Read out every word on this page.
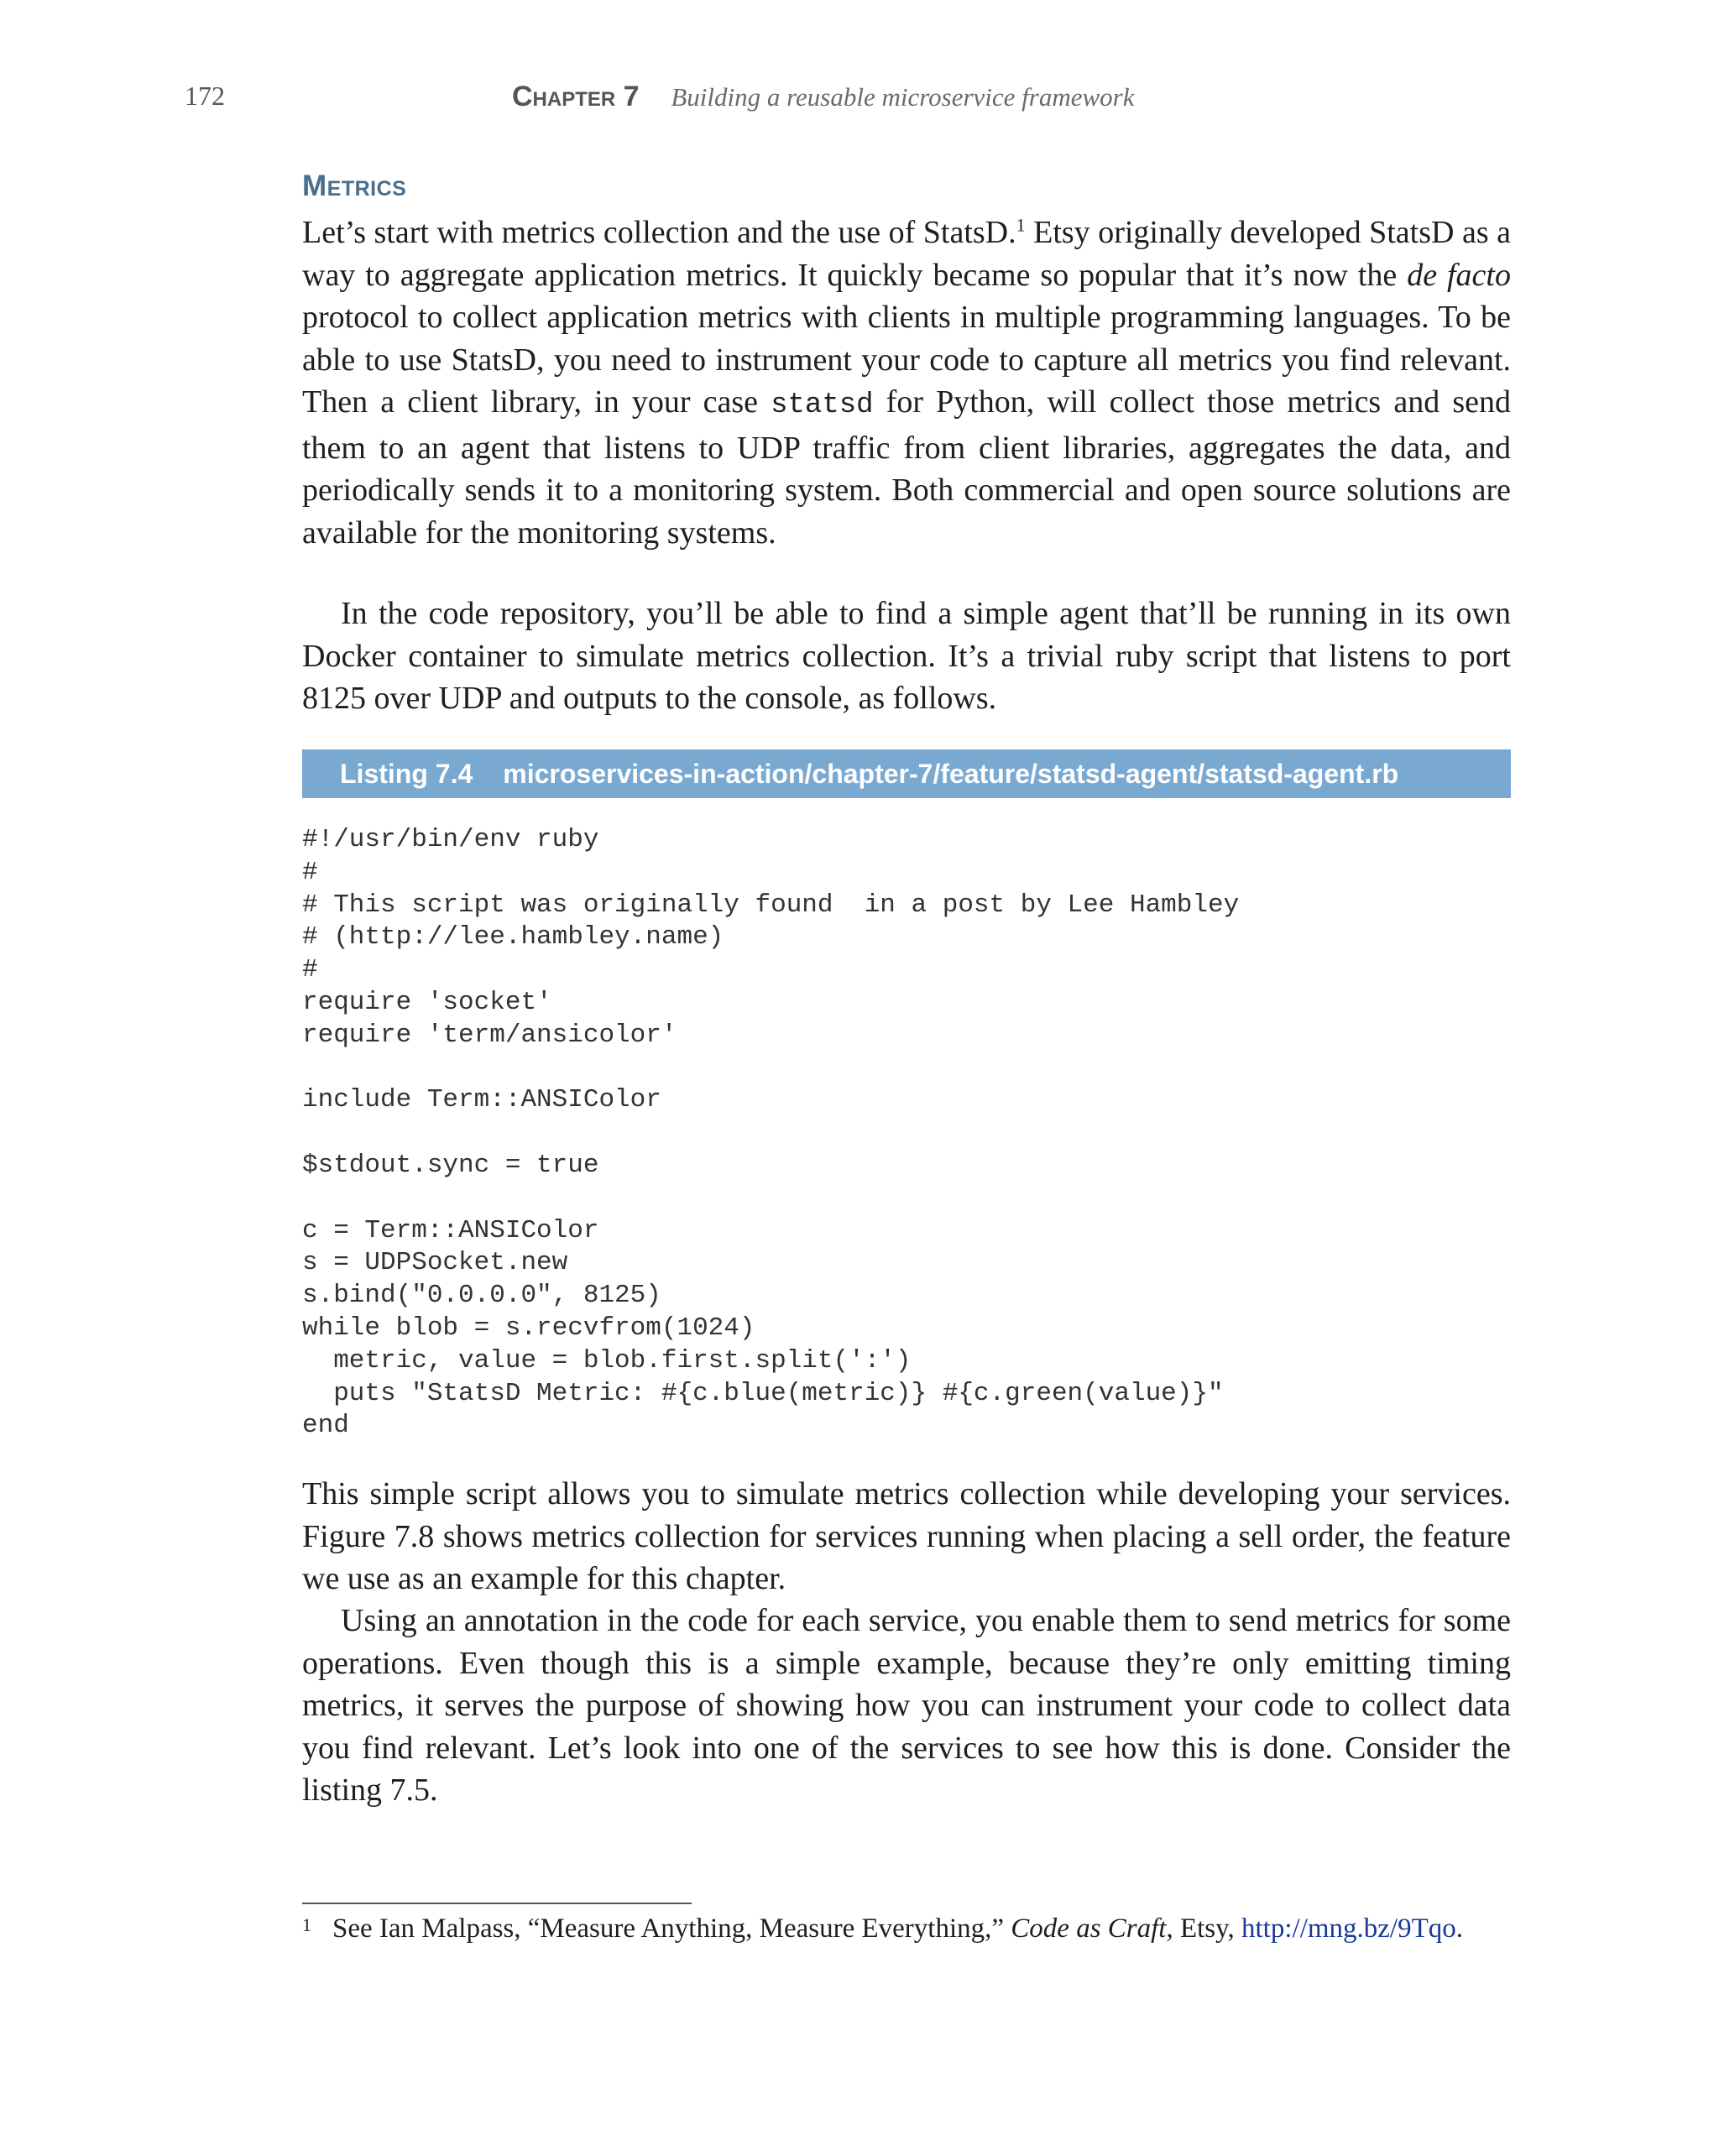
172	Chapter 7 Building a reusable microservice framework
Metrics

Let’s start with metrics collection and the use of StatsD.$^1$ Etsy originally developed StatsD as a way to aggregate application metrics. It quickly became so popular that it’s now the de facto protocol to collect application metrics with clients in multiple programming languages. To be able to use StatsD, you need to instrument your code to capture all metrics you find relevant. Then a client library, in your case statsd for Python, will collect those metrics and send them to an agent that listens to UDP traffic from client libraries, aggregates the data, and periodically sends it to a monitoring system. Both commercial and open source solutions are available for the monitoring systems.

In the code repository, you’ll be able to find a simple agent that’ll be running in its own Docker container to simulate metrics collection. It’s a trivial ruby script that listens to port 8125 over UDP and outputs to the console, as follows.

Listing 7.4 microservices-in-action/chapter-7/feature/statsd-agent/statsd-agent.rb
#!/usr/bin/env ruby
#
# This script was originally found  in a post by Lee Hambley
# (http://lee.hambley.name)
#
require 'socket'
require 'term/ansicolor'
include Term::ANSIColor
$stdout.sync = true
c = Term::ANSIColor
s = UDPSocket.new
s.bind("0.0.0.0", 8125)
while blob = s.recvfrom(1024)
metric, value = blob.first.split(':')
puts "StatsD Metric: #{c.blue(metric)} #{c.green(value)}"
end

This simple script allows you to simulate metrics collection while developing your services. Figure 7.8 shows metrics collection for services running when placing a sell order, the feature we use as an example for this chapter.

Using an annotation in the code for each service, you enable them to send metrics for some operations. Even though this is a simple example, because they’re only emitting timing metrics, it serves the purpose of showing how you can instrument your code to collect data you find relevant. Let’s look into one of the services to see how this is done. Consider the listing 7.5.

1 See Ian Malpass, “Measure Anything, Measure Everything,” Code as Craft, Etsy, http://mng.bz/9Tqo.
